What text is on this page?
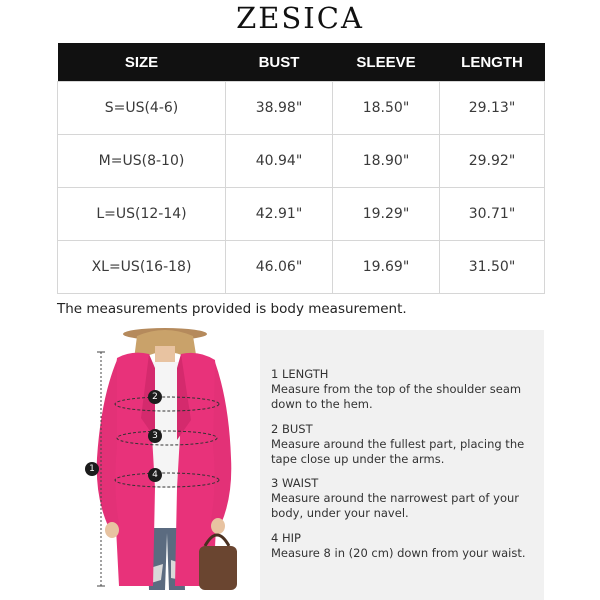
ZESICA
SIZE	BUST	SLEEVE	LENGTH
S=US(4-6)	38.98"	18.50"	29.13"
M=US(8-10)	40.94"	18.90"	29.92"
L=US(12-14)	42.91"	19.29"	30.71"
XL=US(16-18)	46.06"	19.69"	31.50"
The measurements provided is body measurement.
1
2
3
4
1 LENGTH
Measure from the top of the shoulder seam down to the hem.
2 BUST
Measure around the fullest part, placing the tape close up under the arms.
3 WAIST
Measure around the narrowest part of your body, under your navel.
4 HIP
Measure 8 in (20 cm) down from your waist.
